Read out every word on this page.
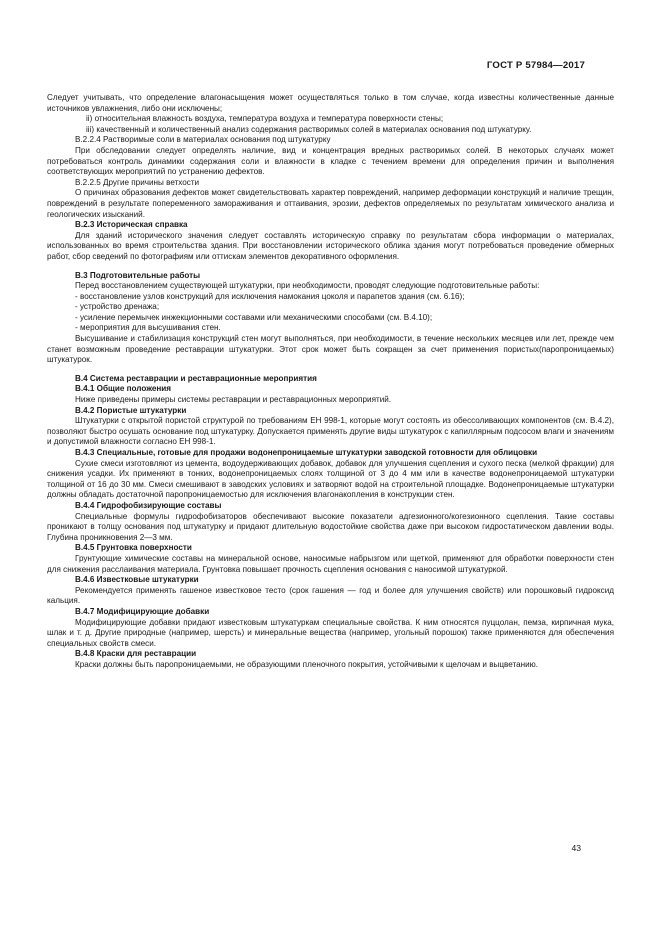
ГОСТ Р 57984—2017

Следует учитывать, что определение влагонасыщения может осуществляться только в том случае, когда известны количественные данные источников увлажнения, либо они исключены;

ii) относительная влажность воздуха, температура воздуха и температура поверхности стены;

iii) качественный и количественный анализ содержания растворимых солей в материалах основания под штукатурку.

В.2.2.4 Растворимые соли в материалах основания под штукатурку

При обследовании следует определять наличие, вид и концентрация вредных растворимых солей. В некоторых случаях может потребоваться контроль динамики содержания соли и влажности в кладке с течением времени для определения причин и выполнения соответствующих мероприятий по устранению дефектов.

В.2.2.5 Другие причины ветхости

О причинах образования дефектов может свидетельствовать характер повреждений, например деформации конструкций и наличие трещин, повреждений в результате попеременного замораживания и оттаивания, эрозии, дефектов определяемых по результатам химического анализа и геологических изысканий.

В.2.3 Историческая справка

Для зданий исторического значения следует составлять историческую справку по результатам сбора информации о материалах, использованных во время строительства здания. При восстановлении исторического облика здания могут потребоваться проведение обмерных работ, сбор сведений по фотографиям или оттискам элементов декоративного оформления.

В.3 Подготовительные работы

Перед восстановлением существующей штукатурки, при необходимости, проводят следующие подготовительные работы:

- восстановление узлов конструкций для исключения намокания цоколя и парапетов здания (см. 6.16);

- устройство дренажа;

- усиление перемычек инжекционными составами или механическими способами (см. В.4.10);

- мероприятия для высушивания стен.

Высушивание и стабилизация конструкций стен могут выполняться, при необходимости, в течение нескольких месяцев или лет, прежде чем станет возможным проведение реставрации штукатурки. Этот срок может быть сокращен за счет применения пористых(паропроницаемых) штукатурок.

В.4 Система реставрации и реставрационные мероприятия

В.4.1 Общие положения

Ниже приведены примеры системы реставрации и реставрационных мероприятий.

В.4.2 Пористые штукатурки

Штукатурки с открытой пористой структурой по требованиям ЕН 998-1, которые могут состоять из обессоливающих компонентов (см. В.4.2), позволяют быстро осушать основание под штукатурку. Допускается применять другие виды штукатурок с капиллярным подсосом влаги и значениям и допустимой влажности согласно ЕН 998-1.

В.4.3 Специальные, готовые для продажи водонепроницаемые штукатурки заводской готовности для облицовки

Сухие смеси изготовляют из цемента, водоудерживающих добавок, добавок для улучшения сцепления и сухого песка (мелкой фракции) для снижения усадки. Их применяют в тонких, водонепроницаемых слоях толщиной от 3 до 4 мм или в качестве водонепроницаемой штукатурки толщиной от 16 до 30 мм. Смеси смешивают в заводских условиях и затворяют водой на строительной площадке. Водонепроницаемые штукатурки должны обладать достаточной паропроницаемостью для исключения влагонакопления в конструкции стен.

В.4.4 Гидрофобизирующие составы

Специальные формулы гидрофобизаторов обеспечивают высокие показатели адгезионного/когезионного сцепления. Такие составы проникают в толщу основания под штукатурку и придают длительную водостойкие свойства даже при высоком гидростатическом давлении воды. Глубина проникновения 2—3 мм.

В.4.5 Грунтовка поверхности

Грунтующие химические составы на минеральной основе, наносимые набрызгом или щеткой, применяют для обработки поверхности стен для снижения расслаивания материала. Грунтовка повышает прочность сцепления основания с наносимой штукатуркой.

В.4.6 Известковые штукатурки

Рекомендуется применять гашеное известковое тесто (срок гашения — год и более для улучшения свойств) или порошковый гидроксид кальция.

В.4.7 Модифицирующие добавки

Модифицирующие добавки придают известковым штукатуркам специальные свойства. К ним относятся пуццолан, пемза, кирпичная мука, шлак и т. д. Другие природные (например, шерсть) и минеральные вещества (например, угольный порошок) также применяются для обеспечения специальных свойств смеси.

В.4.8 Краски для реставрации

Краски должны быть паропроницаемыми, не образующими пленочного покрытия, устойчивыми к щелочам и выцветанию.

43
